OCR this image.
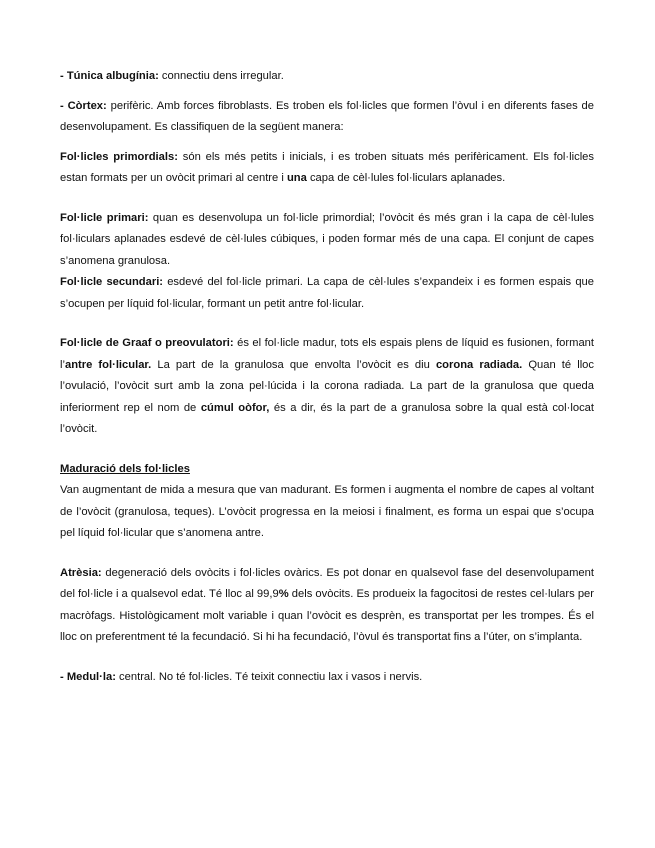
- Túnica albugínia: connectiu dens irregular.

- Còrtex: perifèric. Amb forces fibroblasts. Es troben els fol·licles que formen l’òvul i en diferents fases de desenvolupament. Es classifiquen de la següent manera:

Fol·licles primordials: són els més petits i inicials, i es troben situats més perifèricament. Els fol·licles estan formats per un ovòcit primari al centre i una capa de cèl·lules fol·liculars aplanades.

Fol·licle primari: quan es desenvolupa un fol·licle primordial; l’ovòcit és més gran i la capa de cèl·lules fol·liculars aplanades esdevé de cèl·lules cúbiques, i poden formar més de una capa. El conjunt de capes s’anomena granulosa.

Fol·licle secundari: esdevé del fol·licle primari. La capa de cèl·lules s’expandeix i es formen espais que s’ocupen per líquid fol·licular, formant un petit antre fol·licular.

Fol·licle de Graaf o preovulatori: és el fol·licle madur, tots els espais plens de líquid es fusionen, formant l’antre fol·licular. La part de la granulosa que envolta l’ovòcit es diu corona radiada. Quan té lloc l’ovulació, l’ovòcit surt amb la zona pel·lúcida i la corona radiada. La part de la granulosa que queda inferiorment rep el nom de cúmul oòfor, és a dir, és la part de a granulosa sobre la qual està col·locat l’ovòcit.

Maduració dels fol·licles

Van augmentant de mida a mesura que van madurant. Es formen i augmenta el nombre de capes al voltant de l’ovòcit (granulosa, teques). L’ovòcit progressa en la meiosi i finalment, es forma un espai que s’ocupa pel líquid fol·licular que s’anomena antre.

Atrèsia: degeneració dels ovòcits i fol·licles ovàrics. Es pot donar en qualsevol fase del desenvolupament del fol·licle i a qualsevol edat. Té lloc al 99,9% dels ovòcits. Es produeix la fagocitosi de restes cel·lulars per macròfags. Histològicament molt variable i quan l’ovòcit es desprèn, es transportat per les trompes. És el lloc on preferentment té la fecundació. Si hi ha fecundació, l’òvul és transportat fins a l’úter, on s’implanta.

- Medul·la: central. No té fol·licles. Té teixit connectiu lax i vasos i nervis.
